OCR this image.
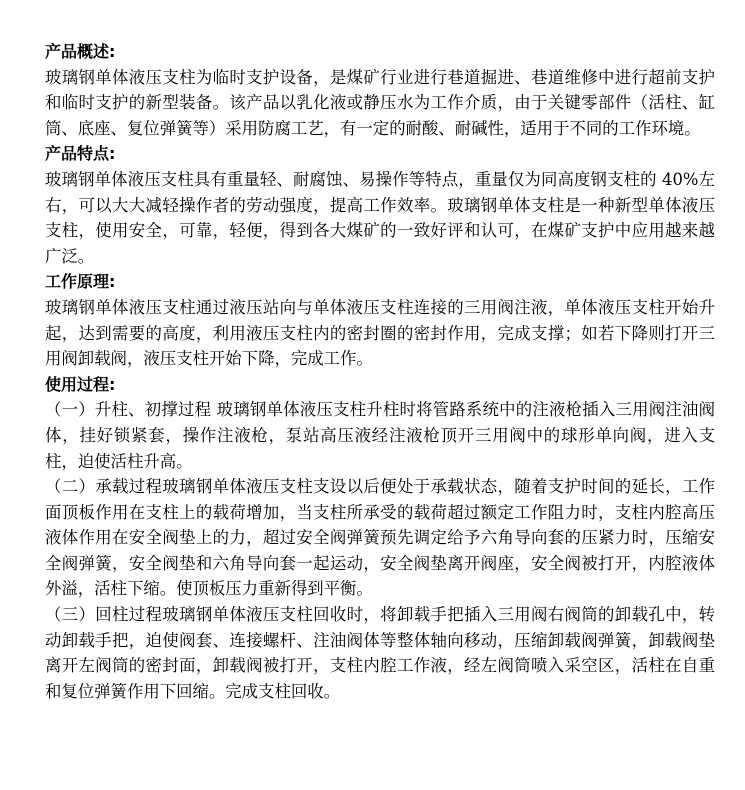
产品概述:

玻璃钢单体液压支柱为临时支护设备，是煤矿行业进行巷道掘进、巷道维修中进行超前支护和临时支护的新型装备。该产品以乳化液或静压水为工作介质，由于关键零部件（活柱、缸筒、底座、复位弹簧等）采用防腐工艺，有一定的耐酸、耐碱性，适用于不同的工作环境。

产品特点:

玻璃钢单体液压支柱具有重量轻、耐腐蚀、易操作等特点，重量仅为同高度钢支柱的 40%左右，可以大大减轻操作者的劳动强度，提高工作效率。玻璃钢单体支柱是一种新型单体液压支柱，使用安全，可靠，轻便，得到各大煤矿的一致好评和认可，在煤矿支护中应用越来越广泛。

工作原理:

玻璃钢单体液压支柱通过液压站向与单体液压支柱连接的三用阀注液，单体液压支柱开始升起，达到需要的高度，利用液压支柱内的密封圈的密封作用，完成支撑；如若下降则打开三用阀卸载阀，液压支柱开始下降，完成工作。

使用过程:

（一）升柱、初撑过程 玻璃钢单体液压支柱升柱时将管路系统中的注液枪插入三用阀注油阀体，挂好锁紧套，操作注液枪，泵站高压液经注液枪顶开三用阀中的球形单向阀，进入支柱，迫使活柱升高。

（二）承载过程玻璃钢单体液压支柱支设以后便处于承载状态，随着支护时间的延长，工作面顶板作用在支柱上的载荷增加，当支柱所承受的载荷超过额定工作阻力时，支柱内腔高压液体作用在安全阀垫上的力，超过安全阀弹簧预先调定给予六角导向套的压紧力时，压缩安全阀弹簧，安全阀垫和六角导向套一起运动，安全阀垫离开阀座，安全阀被打开，内腔液体外溢，活柱下缩。使顶板压力重新得到平衡。

（三）回柱过程玻璃钢单体液压支柱回收时，将卸载手把插入三用阀右阀筒的卸载孔中，转动卸载手把，迫使阀套、连接螺杆、注油阀体等整体轴向移动，压缩卸载阀弹簧，卸载阀垫离开左阀筒的密封面，卸载阀被打开，支柱内腔工作液，经左阀筒喷入采空区，活柱在自重和复位弹簧作用下回缩。完成支柱回收。
